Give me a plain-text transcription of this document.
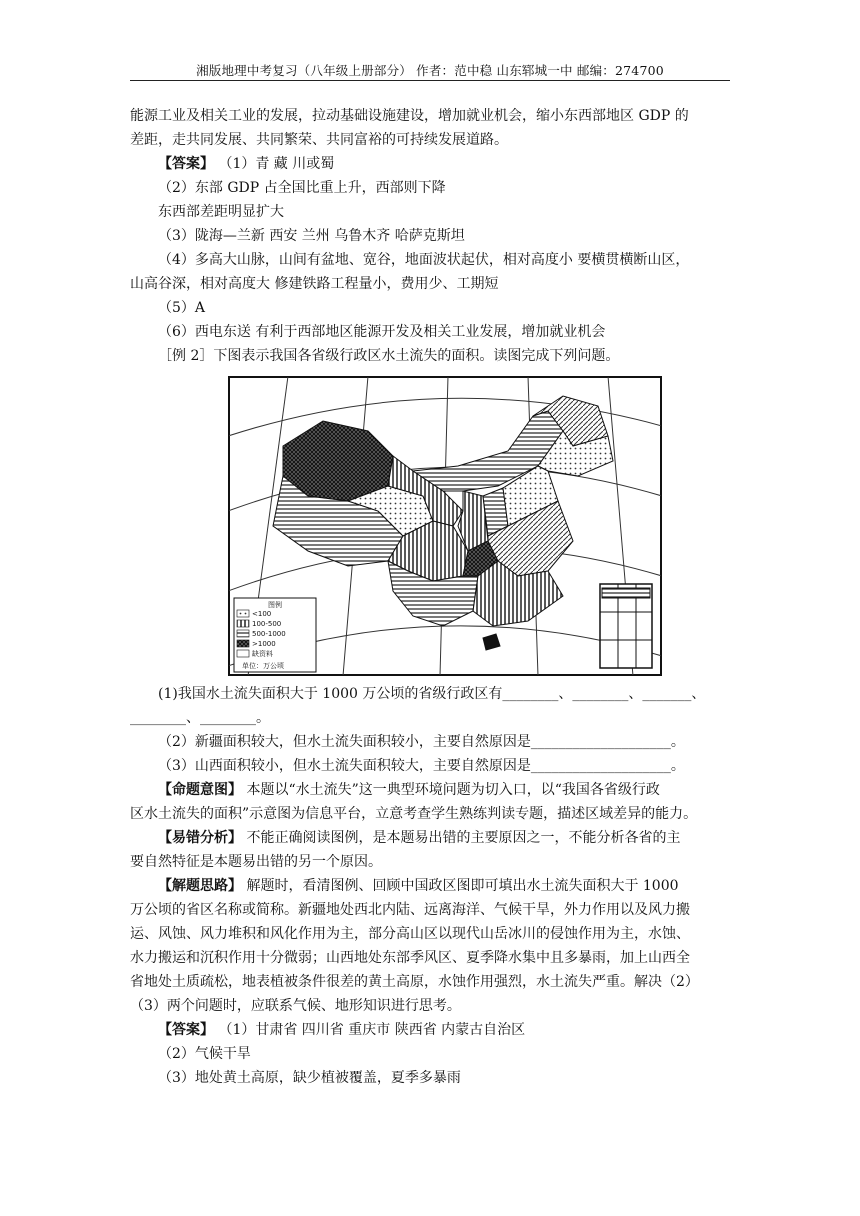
湘版地理中考复习（八年级上册部分） 作者：范中稳 山东郓城一中 邮编：274700
能源工业及相关工业的发展，拉动基础设施建设，增加就业机会，缩小东西部地区 GDP 的
差距，走共同发展、共同繁荣、共同富裕的可持续发展道路。
【答案】 （1）青 藏 川或蜀
（2）东部 GDP 占全国比重上升，西部则下降
东西部差距明显扩大
（3）陇海—兰新 西安 兰州 乌鲁木齐 哈萨克斯坦
（4）多高大山脉，山间有盆地、宽谷，地面波状起伏，相对高度小 要横贯横断山区，
山高谷深，相对高度大 修建铁路工程量小，费用少、工期短
（5）A
（6）西电东送 有利于西部地区能源开发及相关工业发展，增加就业机会
［例 2］下图表示我国各省级行政区水土流失的面积。读图完成下列问题。
图例
<100
100-500
500-1000
>1000
缺资料
单位：万公顷
(1)我国水土流失面积大于 1000 万公顷的省级行政区有________、________、_______、
________、________。
（2）新疆面积较大，但水土流失面积较小，主要自然原因是____________________。
（3）山西面积较小，但水土流失面积较大，主要自然原因是____________________。
【命题意图】 本题以“水土流失”这一典型环境问题为切入口，以“我国各省级行政
区水土流失的面积”示意图为信息平台，立意考查学生熟练判读专题，描述区域差异的能力。
【易错分析】 不能正确阅读图例，是本题易出错的主要原因之一，不能分析各省的主
要自然特征是本题易出错的另一个原因。
【解题思路】 解题时，看清图例、回顾中国政区图即可填出水土流失面积大于 1000
万公顷的省区名称或简称。新疆地处西北内陆、远离海洋、气候干旱，外力作用以及风力搬
运、风蚀、风力堆积和风化作用为主，部分高山区以现代山岳冰川的侵蚀作用为主，水蚀、
水力搬运和沉积作用十分微弱；山西地处东部季风区、夏季降水集中且多暴雨，加上山西全
省地处土质疏松，地表植被条件很差的黄土高原，水蚀作用强烈，水土流失严重。解决（2）
（3）两个问题时，应联系气候、地形知识进行思考。
【答案】 （1）甘肃省 四川省 重庆市 陕西省 内蒙古自治区
（2）气候干旱
（3）地处黄土高原，缺少植被覆盖，夏季多暴雨
